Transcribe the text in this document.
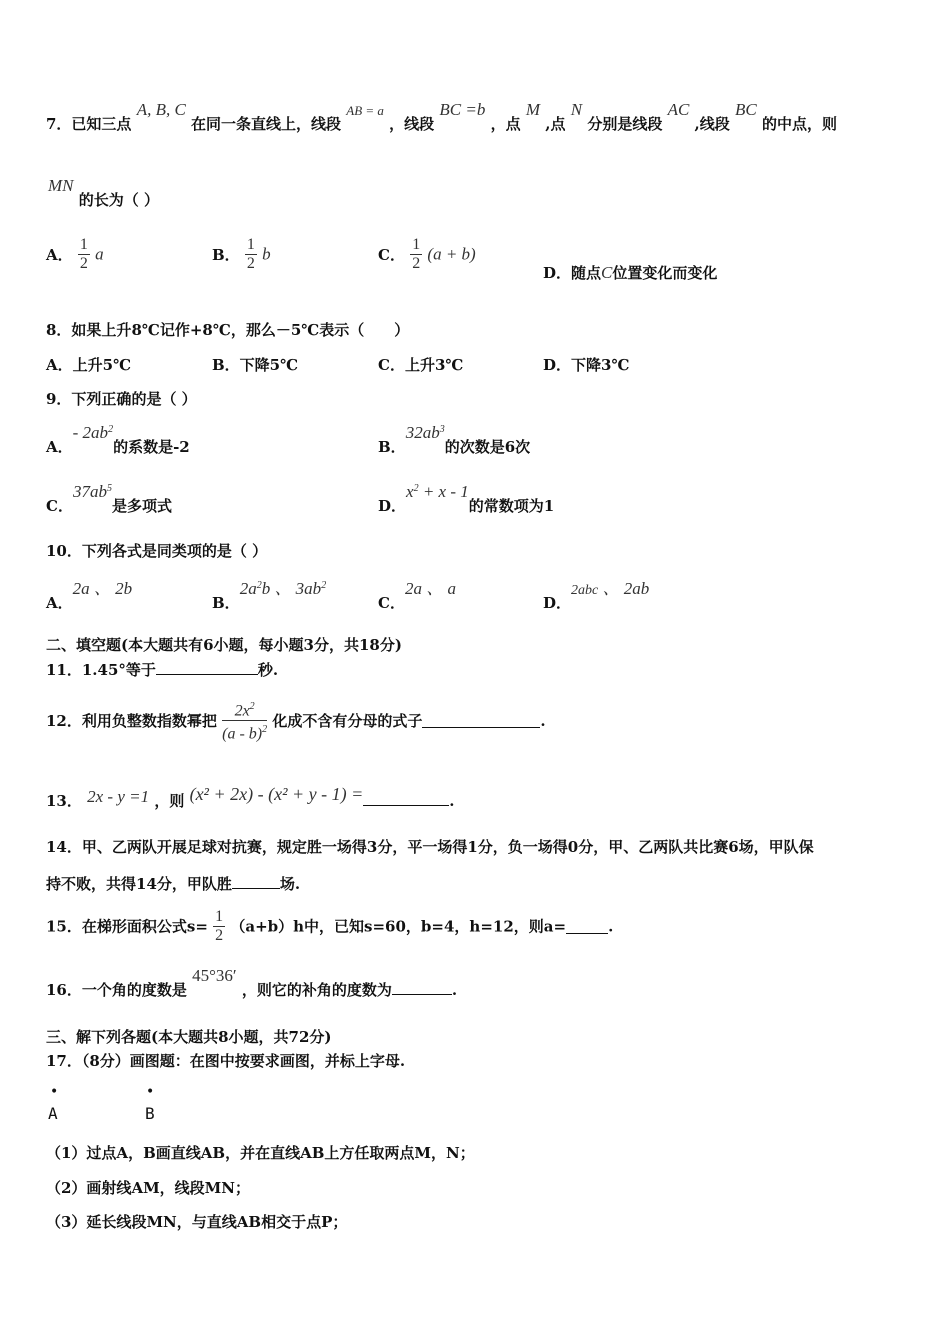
7．已知三点 A, B, C 在同一条直线上，线段 AB = a ，线段 BC =b ，点 M ,点 N 分别是线段 AC ,线段 BC 的中点，则
MN 的长为（ ）
A． $\frac{1}{2}$ a	B． $\frac{1}{2}$ b	C． $\frac{1}{2} (a + b)$
D．随点C位置变化而变化
8．如果上升8℃记作+8℃，那么－5℃表示（　　）
A．上升5℃	B．下降5℃	C．上升3℃	D．下降3℃
9．下列正确的是（ ）
A．- $2ab^2$的系数是-2	B．$32ab^3$的次数是6次
C．$37ab^5$是多项式	D．$x^2 + x - 1$的常数项为1
10．下列各式是同类项的是（ ）
A．2a 、 2b
B．$2a^2b$ 、 $3ab^2$
C．2a 、 a
D．2abc 、 2ab
二、填空题(本大题共有6小题，每小题3分，共18分)
11．1.45°等于	秒.
12．利用负整数指数幂把 $\frac{2x^2}{(a - b)^2}$ 化成不含有分母的式子	.
13． 2x - y =1 ，则 (x² + 2x) - (x² + y - 1) =	.
14．甲、乙两队开展足球对抗赛，规定胜一场得3分，平一场得1分，负一场得0分，甲、乙两队共比赛6场，甲队保
持不败，共得14分，甲队胜	场.
15．在梯形面积公式$s= \frac{1}{2} (a+b)h$中，已知s=60，b=4，h=12，则a=	.
16．一个角的度数是 45°36′ ，则它的补角的度数为	.
三、解下列各题(本大题共8小题，共72分)
17．（8分）画图题：在图中按要求画图，并标上字母.
•
A
•
B
（1）过点A，B画直线AB，并在直线AB上方任取两点M，N；
（2）画射线AM，线段MN；
（3）延长线段MN，与直线AB相交于点P；
